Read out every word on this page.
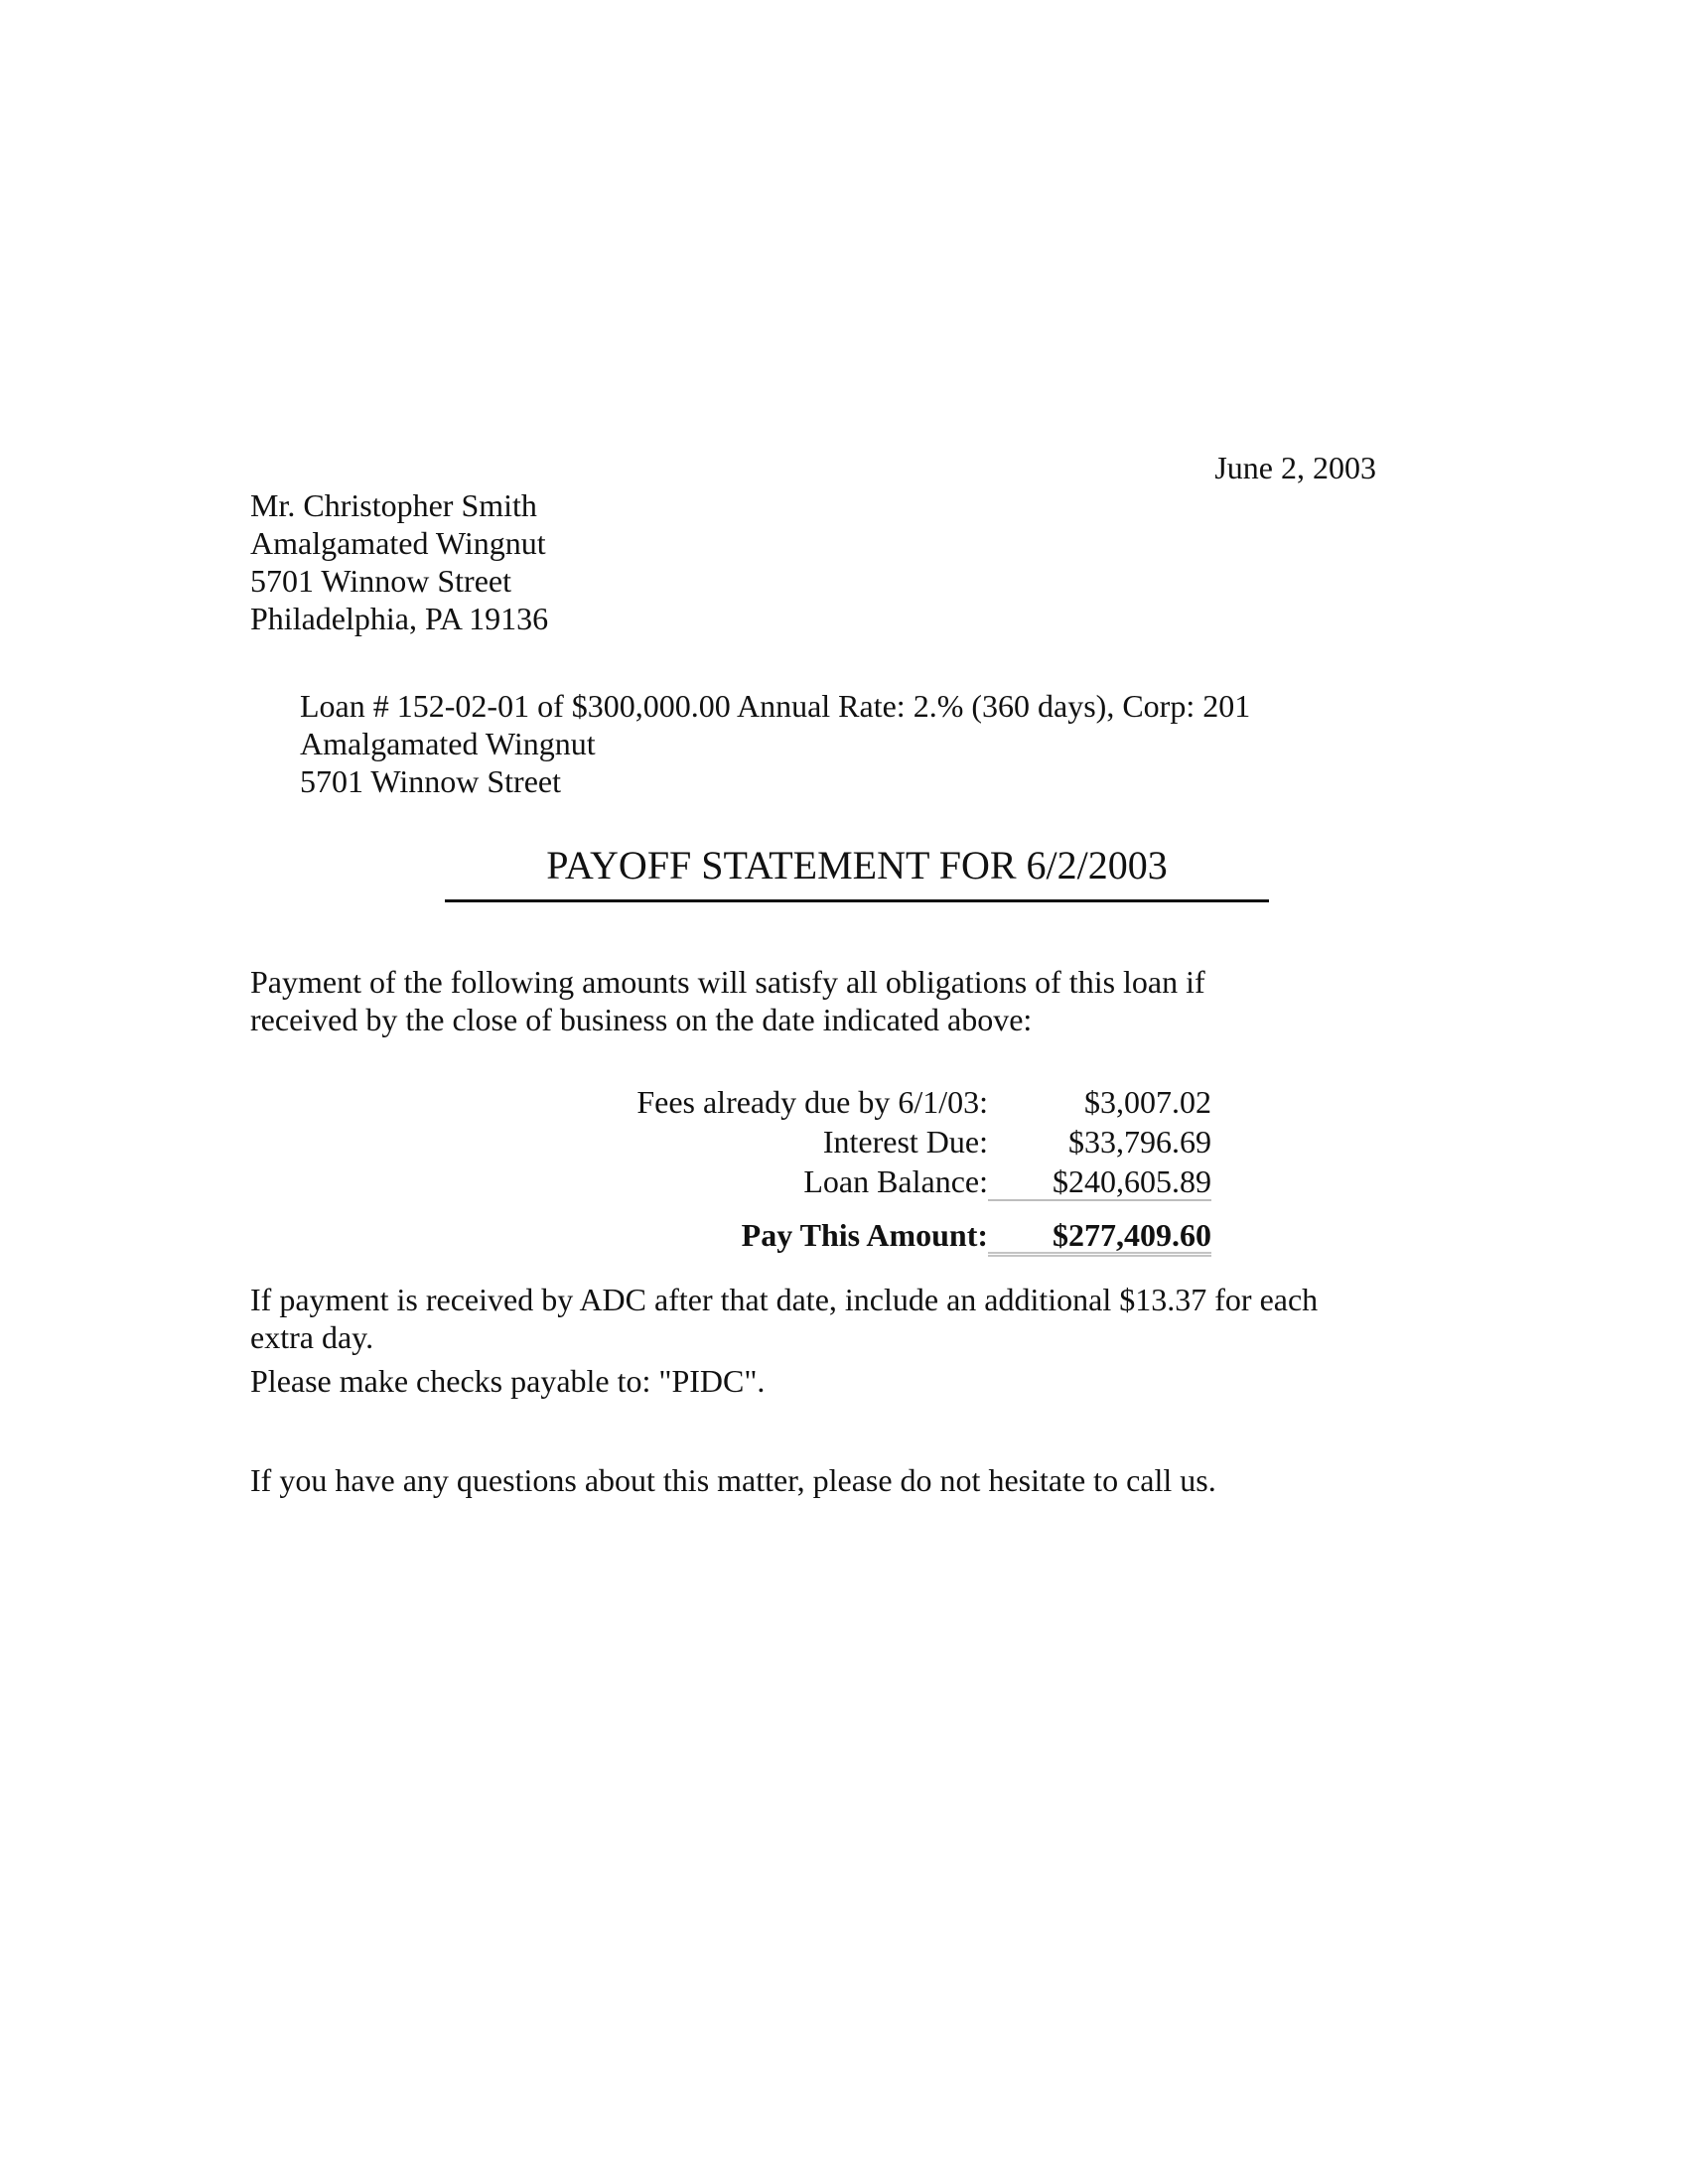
June 2, 2003
Mr. Christopher Smith
Amalgamated Wingnut
5701 Winnow Street
Philadelphia, PA 19136
Loan # 152-02-01 of $300,000.00 Annual Rate: 2.% (360 days), Corp: 201
Amalgamated Wingnut
5701 Winnow Street
PAYOFF STATEMENT FOR 6/2/2003
Payment of the following amounts will satisfy all obligations of this loan if
received by the close of business on the date indicated above:
Fees already due by 6/1/03:	$3,007.02
Interest Due:	$33,796.69
Loan Balance:	$240,605.89
Pay This Amount:	$277,409.60
If payment is received by ADC after that date, include an additional $13.37 for each
extra day.
Please make checks payable to: "PIDC".
If you have any questions about this matter, please do not hesitate to call us.
